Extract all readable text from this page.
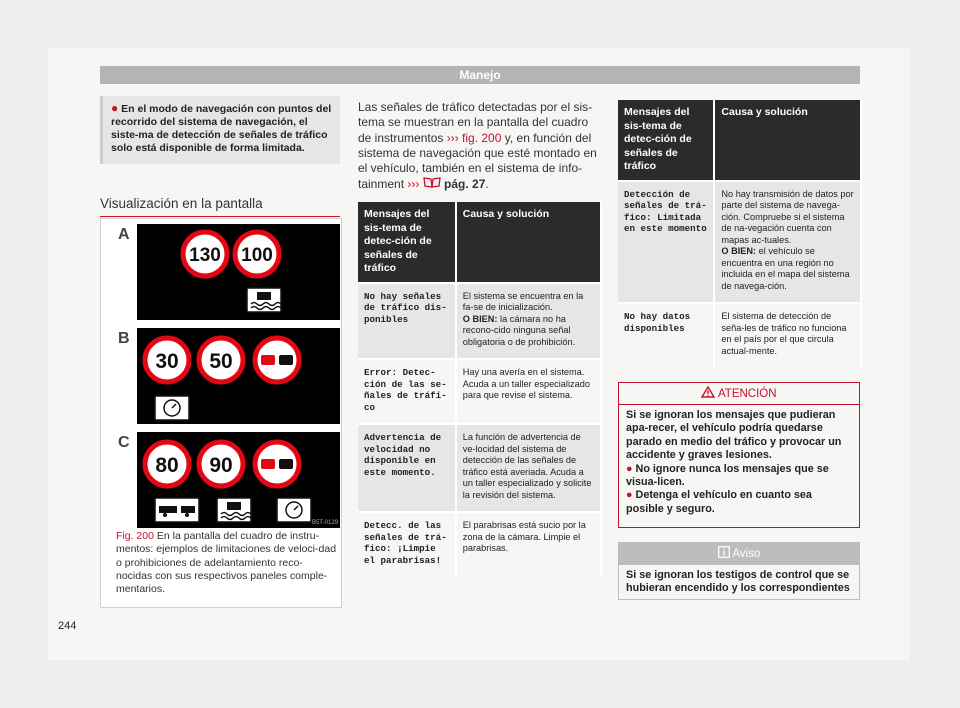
Manejo
● En el modo de navegación con puntos del recorrido del sistema de navegación, el siste-ma de detección de señales de tráfico solo está disponible de forma limitada.
Visualización en la pantalla
A
130 100
B
30 50
C
80 90
B5T-0129
Fig. 200 En la pantalla del cuadro de instru-mentos: ejemplos de limitaciones de veloci-dad o prohibiciones de adelantamiento reco-nocidas con sus respectivos paneles comple-mentarios.
Las señales de tráfico detectadas por el sis-tema se muestran en la pantalla del cuadro de instrumentos ››› fig. 200 y, en función del sistema de navegación que esté montado en el vehículo, también en el sistema de info-tainment ››› pág. 27.
Mensajes del sis-tema de detec-ción de señales de tráfico	Causa y solución
No hay señales de tráfico dis-ponibles	El sistema se encuentra en la fa-se de inicialización.
O BIEN: la cámara no ha recono-cido ninguna señal obligatoria o de prohibición.
Error: Detec-ción de las se-ñales de tráfi-co	Hay una avería en el sistema. Acuda a un taller especializado para que revise el sistema.
Advertencia de velocidad no disponible en este momento.	La función de advertencia de ve-locidad del sistema de detección de las señales de tráfico está averiada. Acuda a un taller especializado y solicite la revisión del sistema.
Detecc. de las señales de trá-fico: ¡Limpie el parabrisas!	El parabrisas está sucio por la zona de la cámara. Limpie el parabrisas.
Mensajes del sis-tema de detec-ción de señales de tráfico	Causa y solución
Detección de señales de trá-fico: Limitada en este momento	No hay transmisión de datos por parte del sistema de navega-ción. Compruebe si el sistema de na-vegación cuenta con mapas ac-tuales.
O BIEN: el vehículo se encuentra en una región no incluida en el mapa del sistema de navega-ción.
No hay datos disponibles	El sistema de detección de seña-les de tráfico no funciona en el país por el que circula actual-mente.
ATENCIÓN
Si se ignoran los mensajes que pudieran apa-recer, el vehículo podría quedarse parado en medio del tráfico y provocar un accidente y graves lesiones.
● No ignore nunca los mensajes que se visua-licen.
● Detenga el vehículo en cuanto sea posible y seguro.
Aviso
Si se ignoran los testigos de control que se hubieran encendido y los correspondientes
244
